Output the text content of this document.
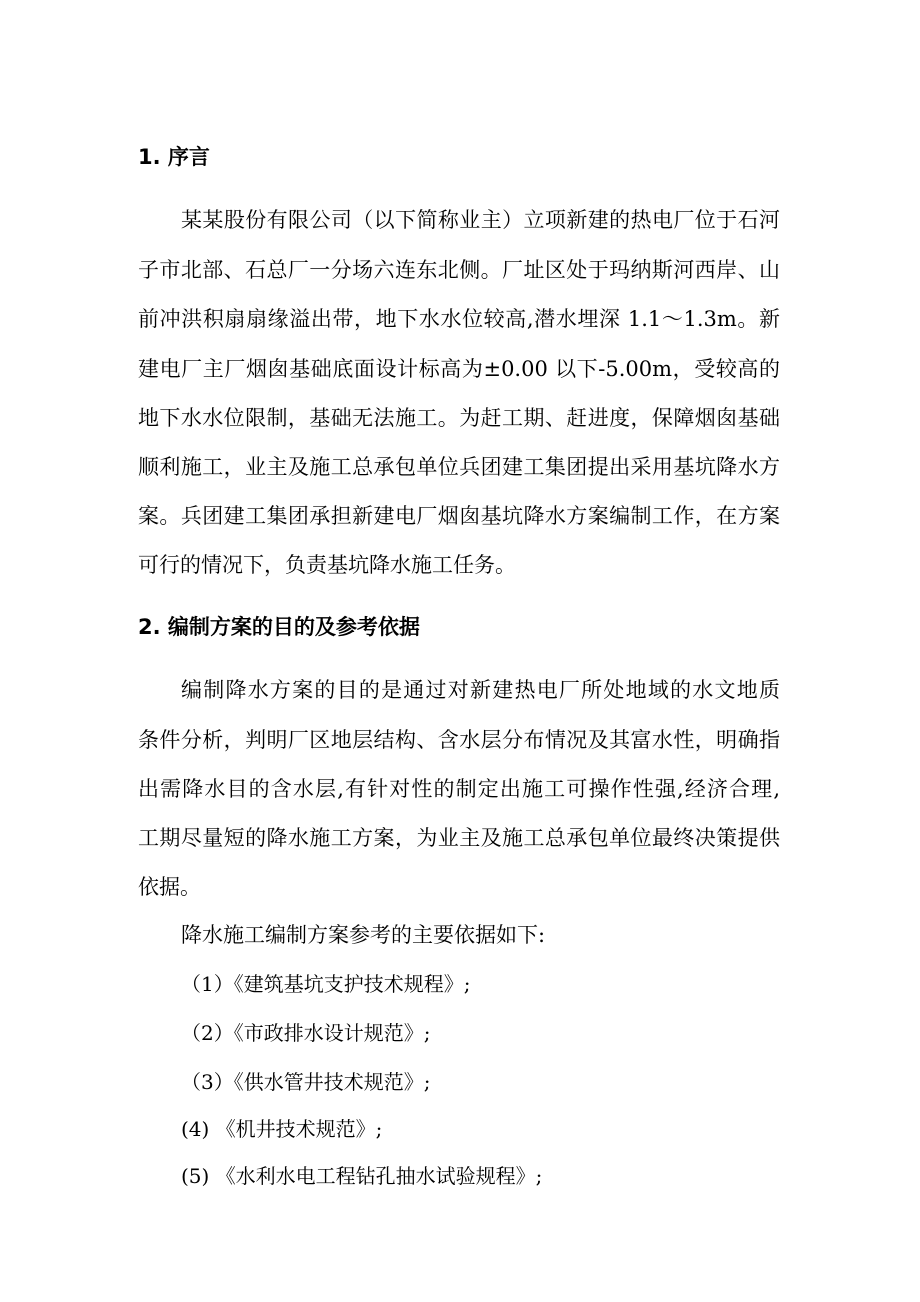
1. 序言
某某股份有限公司（以下简称业主）立项新建的热电厂位于石河
子市北部、石总厂一分场六连东北侧。厂址区处于玛纳斯河西岸、山
前冲洪积扇扇缘溢出带，地下水水位较高,潜水埋深 1.1～1.3m。新
建电厂主厂烟囱基础底面设计标高为±0.00 以下-5.00m，受较高的
地下水水位限制，基础无法施工。为赶工期、赶进度，保障烟囱基础
顺利施工，业主及施工总承包单位兵团建工集团提出采用基坑降水方
案。兵团建工集团承担新建电厂烟囱基坑降水方案编制工作，在方案
可行的情况下，负责基坑降水施工任务。
2. 编制方案的目的及参考依据
编制降水方案的目的是通过对新建热电厂所处地域的水文地质
条件分析，判明厂区地层结构、含水层分布情况及其富水性，明确指
出需降水目的含水层,有针对性的制定出施工可操作性强,经济合理,
工期尽量短的降水施工方案，为业主及施工总承包单位最终决策提供
依据。
降水施工编制方案参考的主要依据如下:
（1）《建筑基坑支护技术规程》;
（2）《市政排水设计规范》;
（3）《供水管井技术规范》;
(4) 《机井技术规范》;
(5) 《水利水电工程钻孔抽水试验规程》;
